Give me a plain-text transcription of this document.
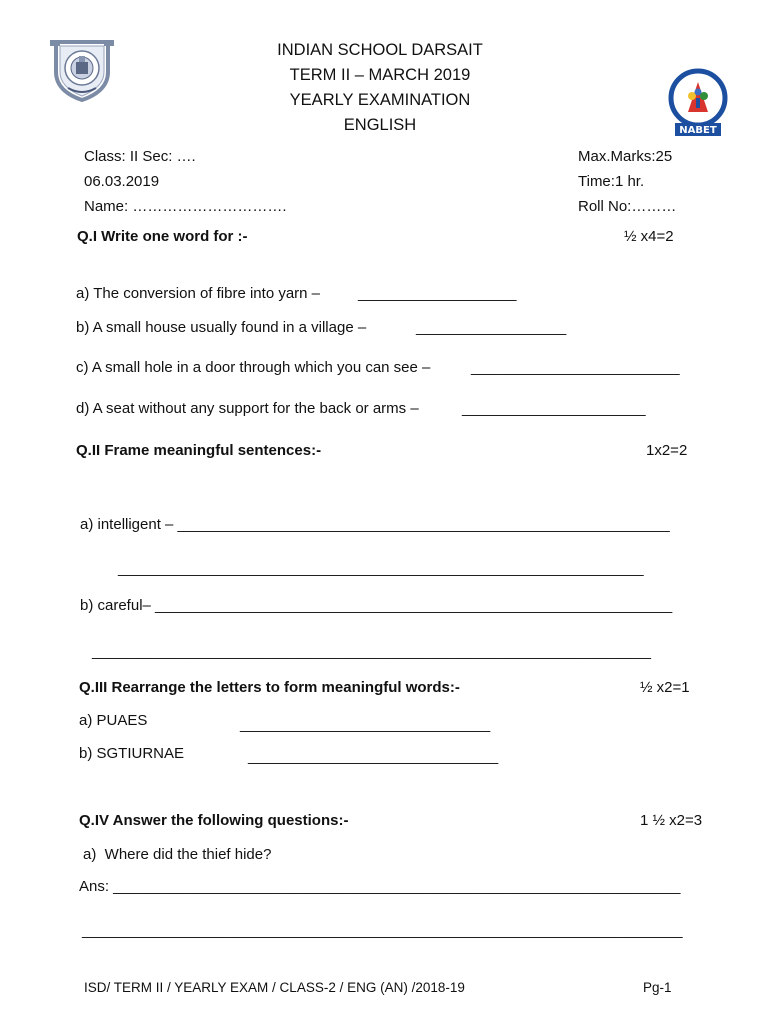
NABET
INDIAN SCHOOL DARSAIT
TERM II – MARCH 2019
YEARLY EXAMINATION
ENGLISH
Class: II Sec: ….
06.03.2019
Name: ………………………….
Max.Marks:25
Time:1 hr.
Roll No:………
Q.I Write one word for :-	½ x4=2
a) The conversion of fibre into yarn –	___________________
b) A small house usually found in a village –	__________________
c) A small hole in a door through which you can see –	_________________________
d) A seat without any support for the back or arms –	______________________
Q.II Frame meaningful sentences:-	1x2=2
a) intelligent – ___________________________________________________________
_______________________________________________________________
b) careful– ______________________________________________________________
___________________________________________________________________
Q.III Rearrange the letters to form meaningful words:-	½ x2=1
a) PUAES	______________________________
b) SGTIURNAE	______________________________
Q.IV Answer the following questions:-	1 ½ x2=3
a)  Where did the thief hide?
Ans: ____________________________________________________________________
________________________________________________________________________
ISD/ TERM II / YEARLY EXAM / CLASS-2 / ENG (AN) /2018-19	Pg-1
